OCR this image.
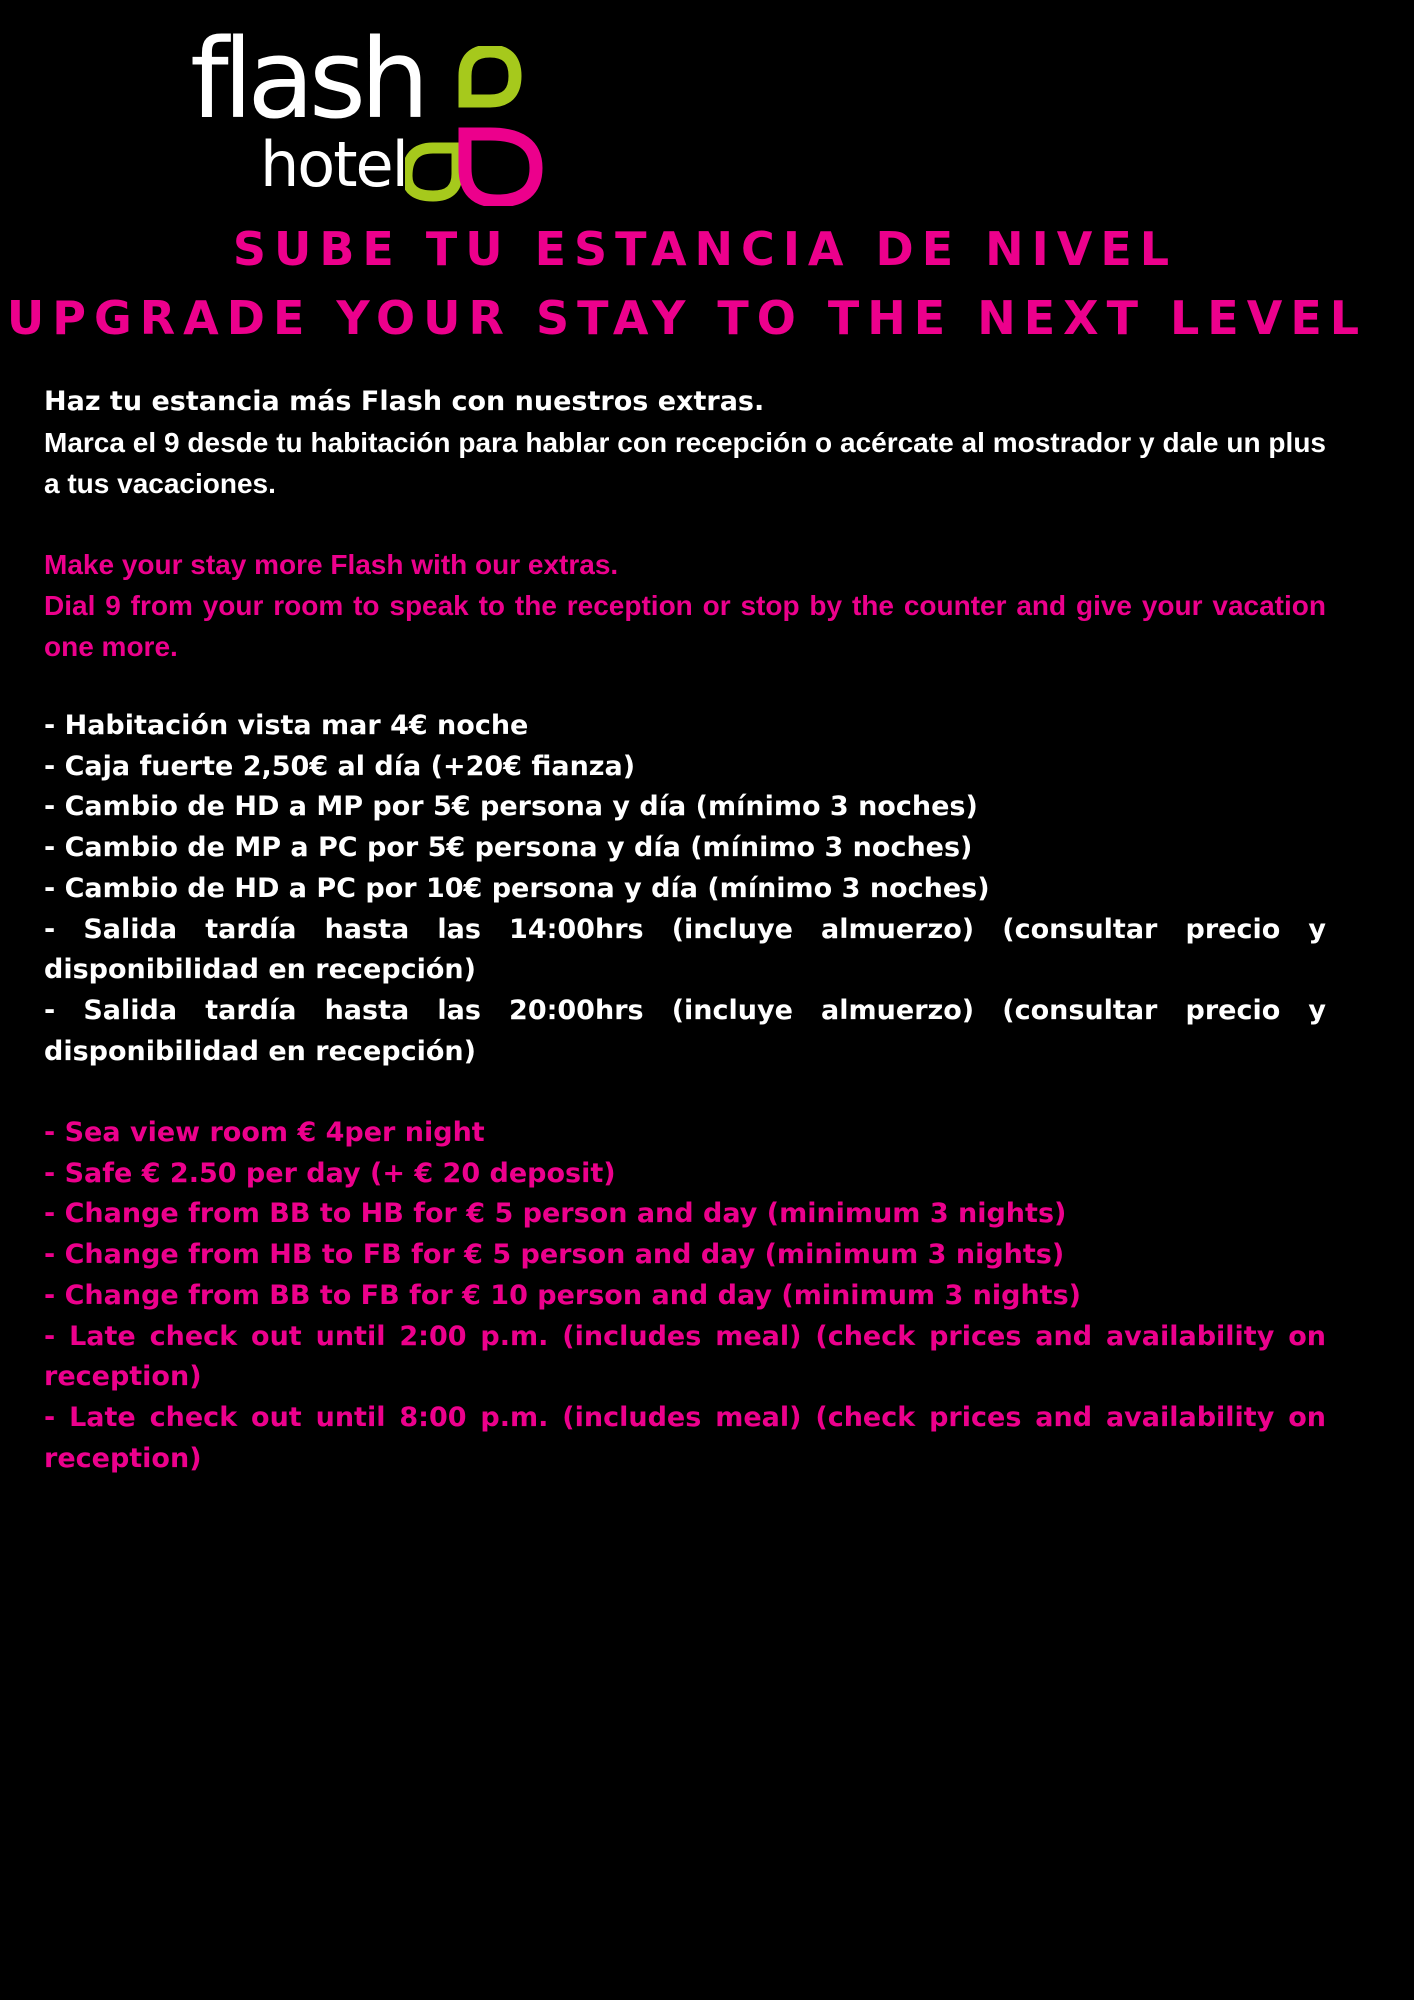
flash
hotel
SUBE TU ESTANCIA DE NIVEL
UPGRADE YOUR STAY TO THE NEXT LEVEL

Haz tu estancia más Flash con nuestros extras.

Marca el 9 desde tu habitación para hablar con recepción o acércate al mostrador y dale un plus a tus vacaciones.

Make your stay more Flash with our extras.

Dial 9 from your room to speak to the reception or stop by the counter and give your vacation one more.

- Habitación vista mar 4€ noche

- Caja fuerte 2,50€ al día (+20€ fianza)

- Cambio de HD a MP por 5€ persona y día (mínimo 3 noches)

- Cambio de MP a PC por 5€ persona y día (mínimo 3 noches)

- Cambio de HD a PC por 10€ persona y día (mínimo 3 noches)

- Salida tardía hasta las 14:00hrs (incluye almuerzo) (consultar precio y disponibilidad en recepción)

- Salida tardía hasta las 20:00hrs (incluye almuerzo) (consultar precio y disponibilidad en recepción)

- Sea view room € 4per night

- Safe € 2.50 per day (+ € 20 deposit)

- Change from BB to HB for € 5 person and day (minimum 3 nights)

- Change from HB to FB for € 5 person and day (minimum 3 nights)

- Change from BB to FB for € 10 person and day (minimum 3 nights)

- Late check out until 2:00 p.m. (includes meal) (check prices and availability on reception)

- Late check out until 8:00 p.m. (includes meal) (check prices and availability on reception)
